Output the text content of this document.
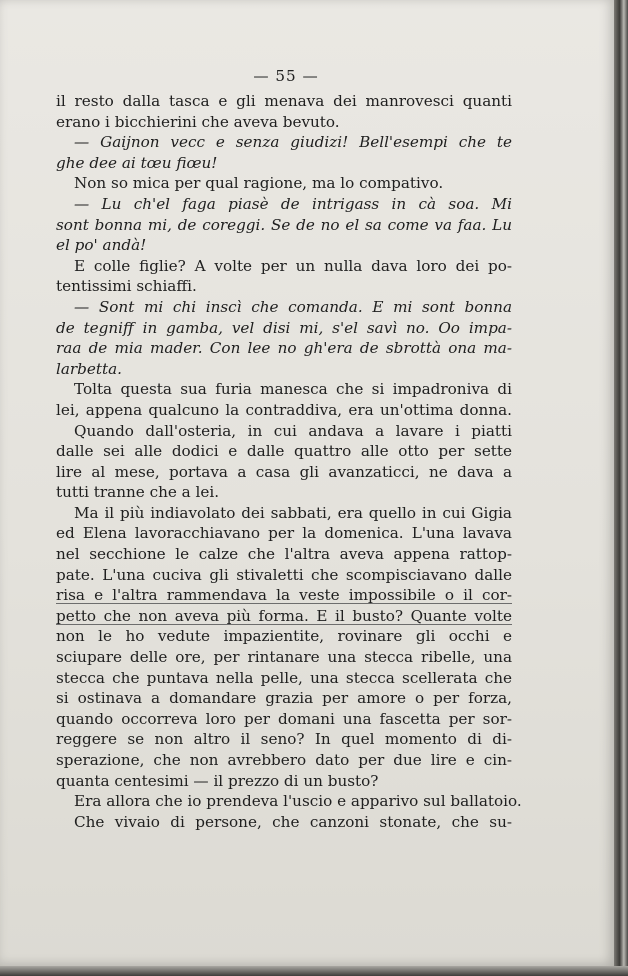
— 55 —
il resto dalla tasca e gli menava dei manrovesci quanti
erano i bicchierini che aveva bevuto.
— Gaijnon vecc e senza giudizi! Bell'esempi che te
ghe dee ai tœu fiœu!
Non so mica per qual ragione, ma lo compativo.
— Lu ch'el faga piasè de intrigass in cà soa. Mi
sont bonna mi, de coreggi. Se de no el sa come va faa. Lu
el po' andà!
E colle figlie? A volte per un nulla dava loro dei po-
tentissimi schiaffi.
— Sont mi chi inscì che comanda. E mi sont bonna
de tegniff in gamba, vel disi mi, s'el savì no. Oo impa-
raa de mia mader. Con lee no gh'era de sbrottà ona ma-
larbetta.
Tolta questa sua furia manesca che si impadroniva di
lei, appena qualcuno la contraddiva, era un'ottima donna.
Quando dall'osteria, in cui andava a lavare i piatti
dalle sei alle dodici e dalle quattro alle otto per sette
lire al mese, portava a casa gli avanzaticci, ne dava a
tutti tranne che a lei.
Ma il più indiavolato dei sabbati, era quello in cui Gigia
ed Elena lavoracchiavano per la domenica. L'una lavava
nel secchione le calze che l'altra aveva appena rattop-
pate. L'una cuciva gli stivaletti che scompisciavano dalle
risa e l'altra rammendava la veste impossibile o il cor-
petto che non aveva più forma. E il busto? Quante volte
non le ho vedute impazientite, rovinare gli occhi e
sciupare delle ore, per rintanare una stecca ribelle, una
stecca che puntava nella pelle, una stecca scellerata che
si ostinava a domandare grazia per amore o per forza,
quando occorreva loro per domani una fascetta per sor-
reggere se non altro il seno? In quel momento di di-
sperazione, che non avrebbero dato per due lire e cin-
quanta centesimi — il prezzo di un busto?
Era allora che io prendeva l'uscio e apparivo sul ballatoio.
Che vivaio di persone, che canzoni stonate, che su-
